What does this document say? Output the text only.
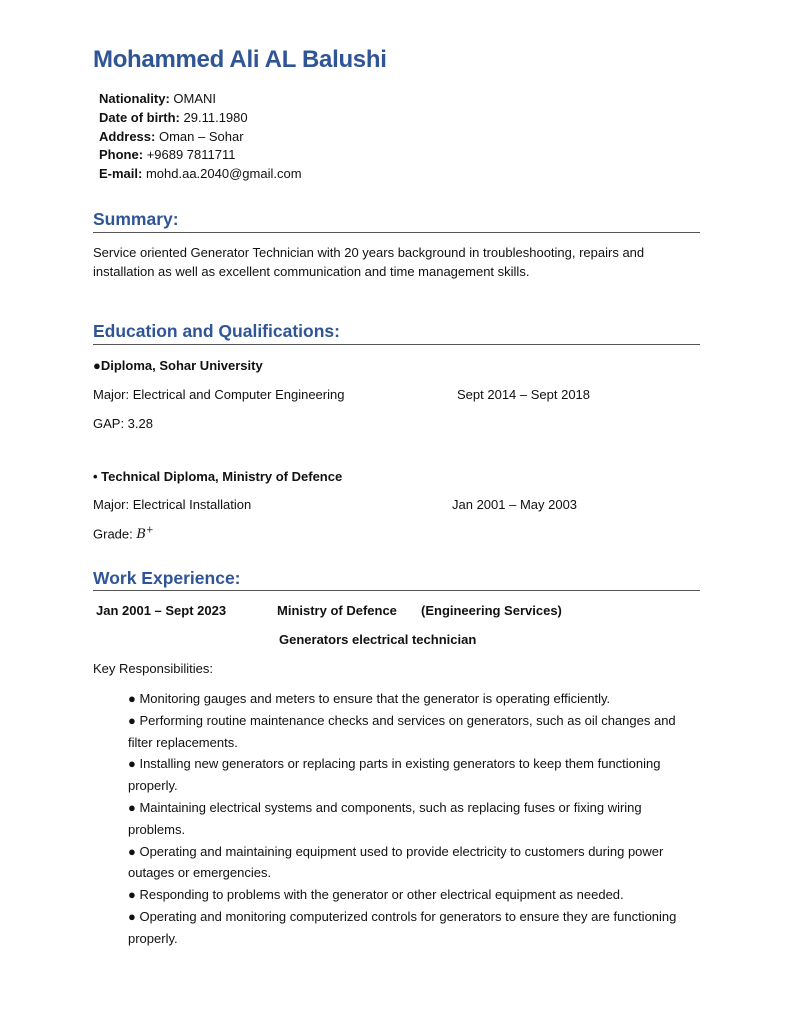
Mohammed Ali AL Balushi
Nationality: OMANI
Date of birth: 29.11.1980
Address: Oman – Sohar
Phone: +9689 7811711
E-mail: mohd.aa.2040@gmail.com
Summary:

Service oriented Generator Technician with 20 years background in troubleshooting, repairs and installation as well as excellent communication and time management skills.

Education and Qualifications:
●Diploma, Sohar University
Major: Electrical and Computer Engineering	Sept 2014 – Sept 2018
GAP: 3.28
• Technical Diploma, Ministry of Defence
Major: Electrical Installation	Jan 2001 – May 2003
Grade: B+
Work Experience:
Jan 2001 – Sept 2023	Ministry of Defence (Engineering Services)
Generators electrical technician
Key Responsibilities:
● Monitoring gauges and meters to ensure that the generator is operating efficiently.
● Performing routine maintenance checks and services on generators, such as oil changes and filter replacements.
● Installing new generators or replacing parts in existing generators to keep them functioning properly.
● Maintaining electrical systems and components, such as replacing fuses or fixing wiring problems.
● Operating and maintaining equipment used to provide electricity to customers during power outages or emergencies.
● Responding to problems with the generator or other electrical equipment as needed.
● Operating and monitoring computerized controls for generators to ensure they are functioning properly.
